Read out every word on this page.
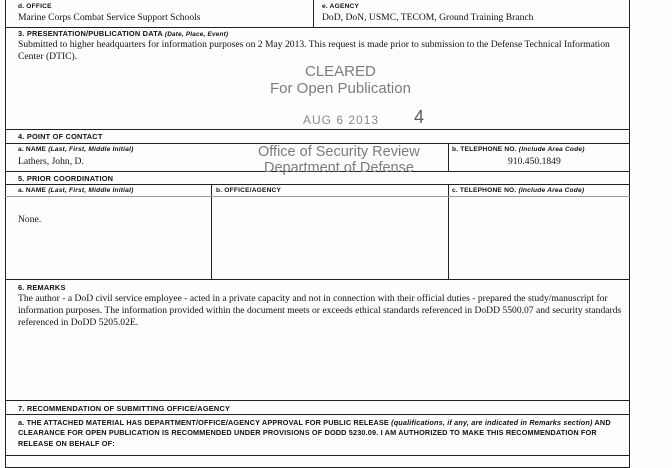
d. OFFICE
Marine Corps Combat Service Support Schools
e. AGENCY
DoD, DoN, USMC, TECOM, Ground Training Branch
3. PRESENTATION/PUBLICATION DATA (Date, Place, Event)
Submitted to higher headquarters for information purposes on 2 May 2013. This request is made prior to submission to the Defense Technical Information Center (DTIC).
CLEARED
For Open Publication
AUG 6 2013 4
4. POINT OF CONTACT
a. NAME (Last, First, Middle Initial)
Lathers, John, D.
b. TELEPHONE NO. (Include Area Code)
910.450.1849
Office of Security Review
Department of Defense
5. PRIOR COORDINATION
a. NAME (Last, First, Middle Initial)	b. OFFICE/AGENCY	c. TELEPHONE NO. (Include Area Code)
None.
6. REMARKS
The author - a DoD civil service employee - acted in a private capacity and not in connection with their official duties - prepared the study/manuscript for information purposes. The information provided within the document meets or exceeds ethical standards referenced in DoDD 5500.07 and security standards referenced in DoDD 5205.02E.
7. RECOMMENDATION OF SUBMITTING OFFICE/AGENCY
a. THE ATTACHED MATERIAL HAS DEPARTMENT/OFFICE/AGENCY APPROVAL FOR PUBLIC RELEASE (qualifications, if any, are indicated in Remarks section) AND CLEARANCE FOR OPEN PUBLICATION IS RECOMMENDED UNDER PROVISIONS OF DODD 5230.09. I AM AUTHORIZED TO MAKE THIS RECOMMENDATION FOR RELEASE ON BEHALF OF:
